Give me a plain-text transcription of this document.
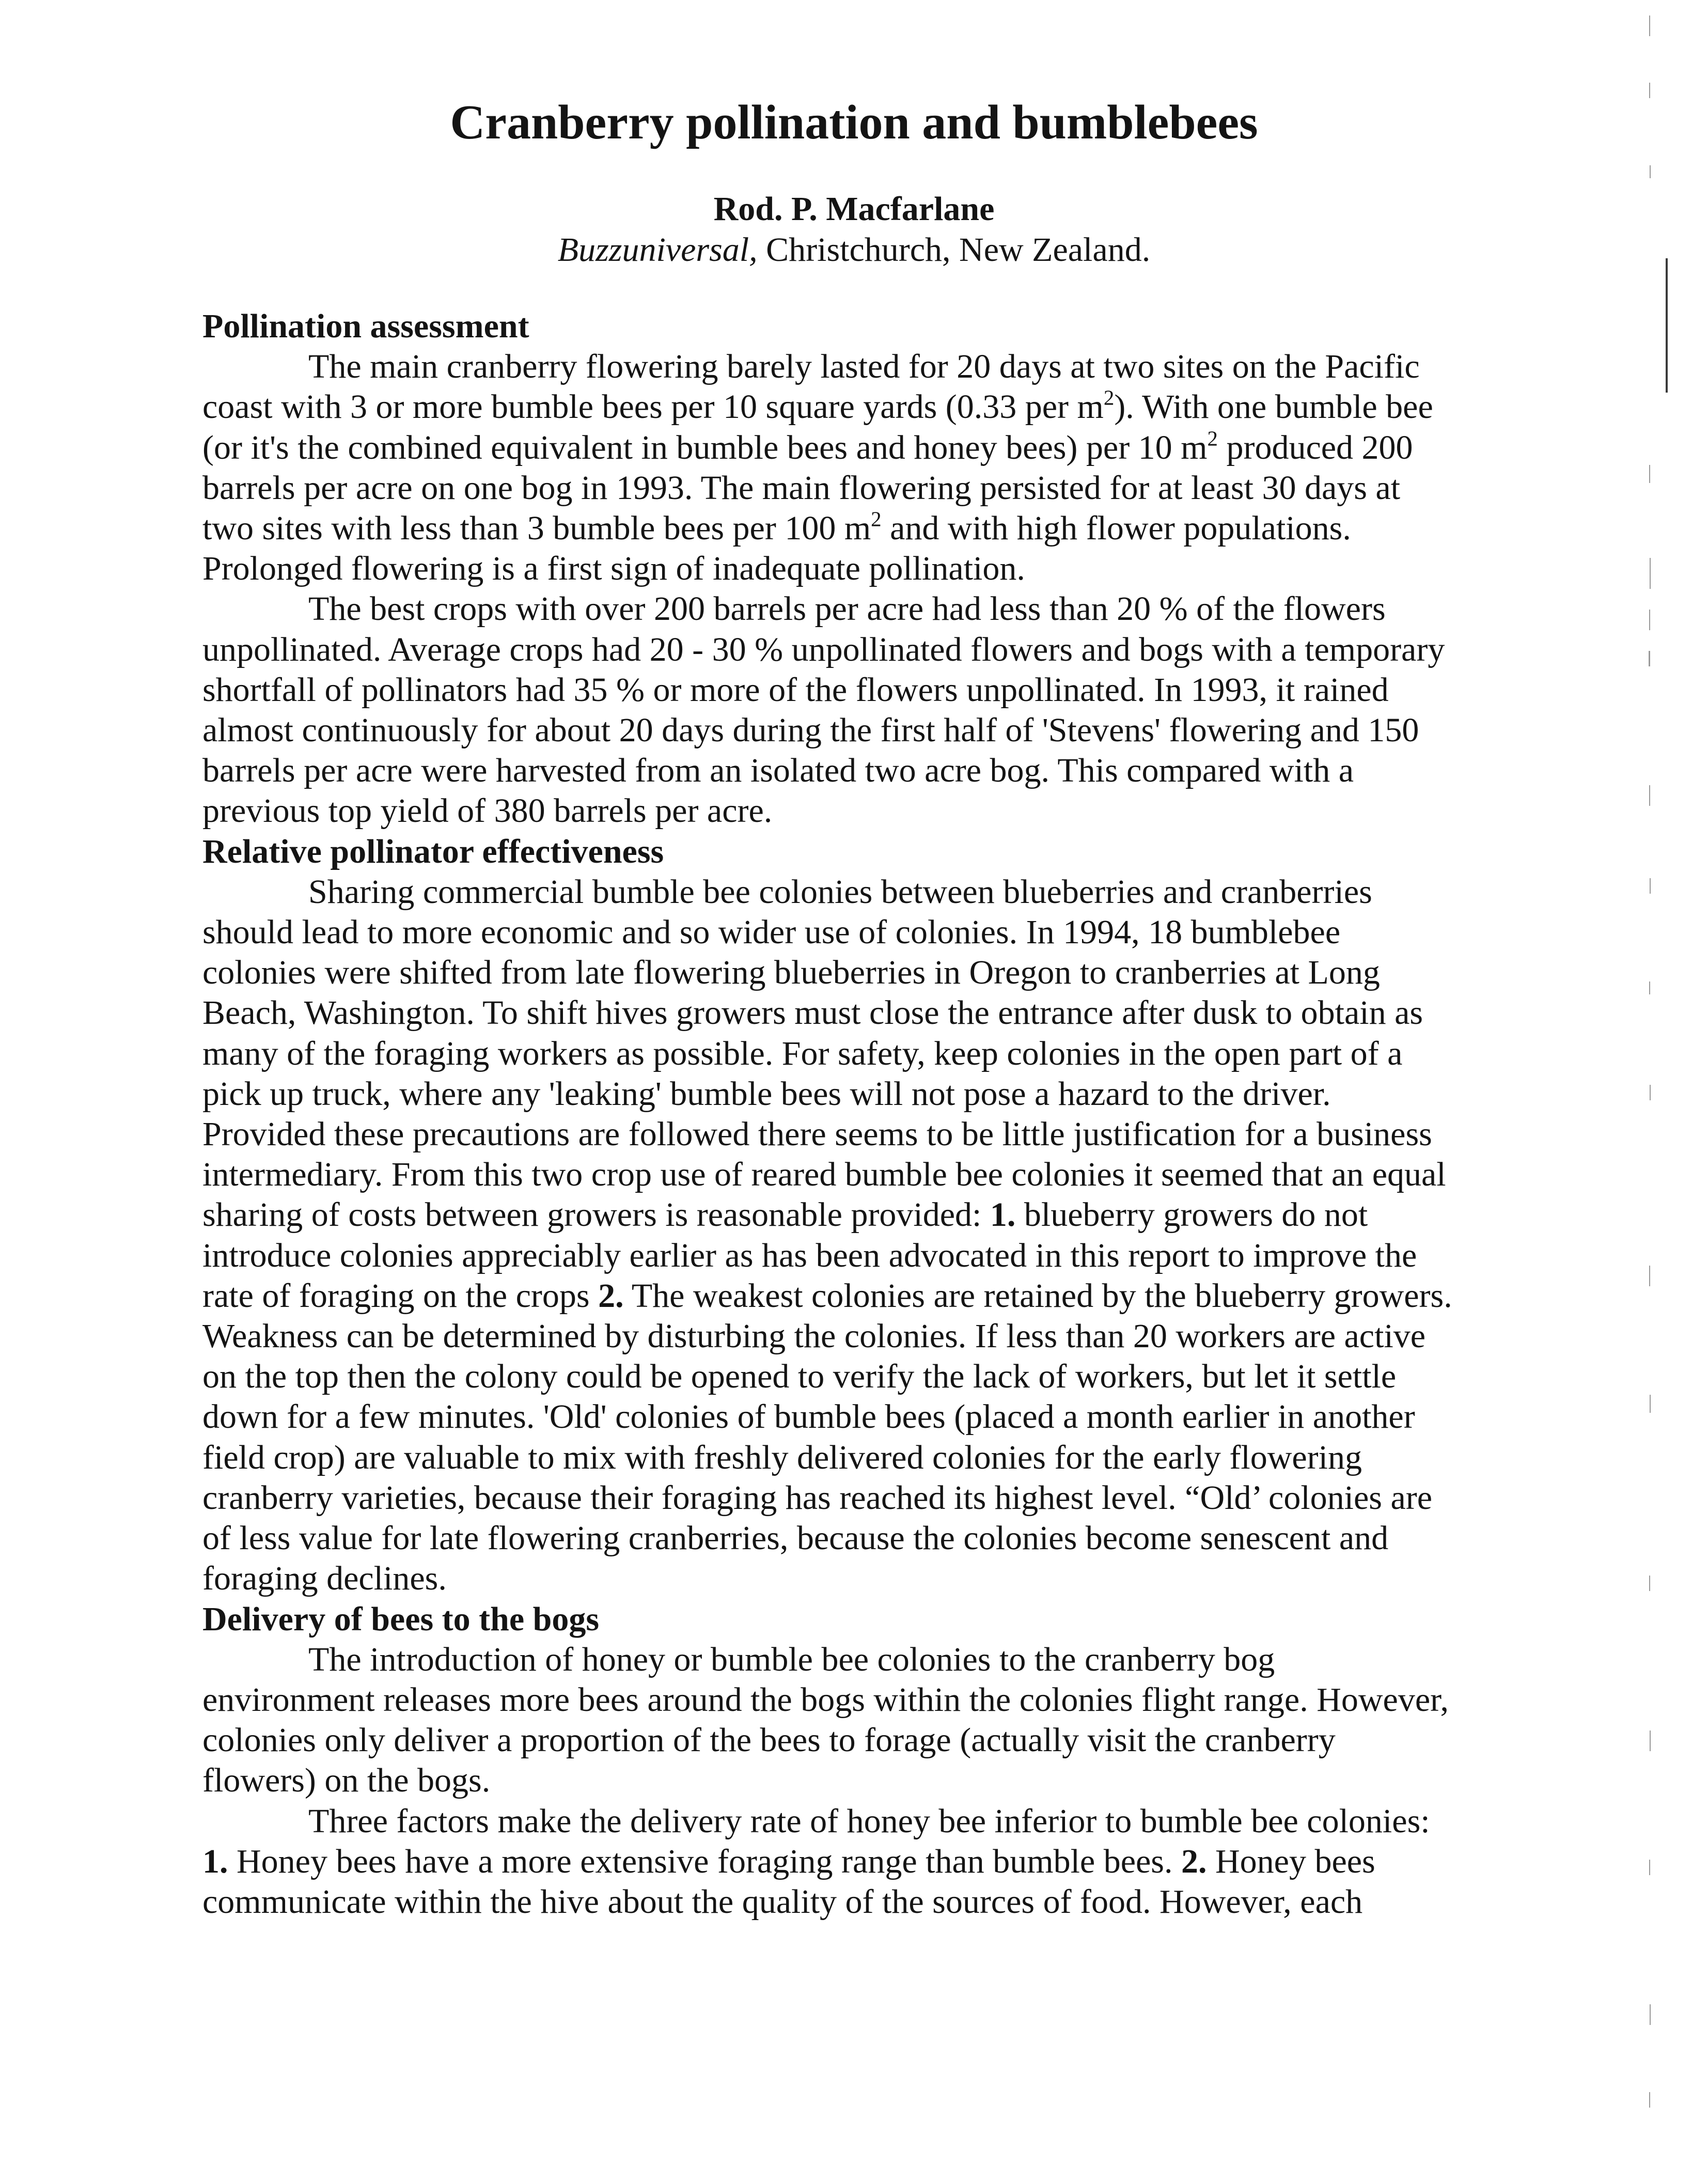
Cranberry pollination and bumblebees
Rod. P. Macfarlane
Buzzuniversal, Christchurch, New Zealand.
Pollination assessment

The main cranberry flowering barely lasted for 20 days at two sites on the Pacific coast with 3 or more bumble bees per 10 square yards (0.33 per $m^2$). With one bumble bee (or it's the combined equivalent in bumble bees and honey bees) per 10 $m^2$ produced 200 barrels per acre on one bog in 1993. The main flowering persisted for at least 30 days at two sites with less than 3 bumble bees per 100 $m^2$ and with high flower populations. Prolonged flowering is a first sign of inadequate pollination.

The best crops with over 200 barrels per acre had less than 20 % of the flowers unpollinated. Average crops had 20 - 30 % unpollinated flowers and bogs with a temporary shortfall of pollinators had 35 % or more of the flowers unpollinated. In 1993, it rained almost continuously for about 20 days during the first half of 'Stevens' flowering and 150 barrels per acre were harvested from an isolated two acre bog. This compared with a previous top yield of 380 barrels per acre.

Relative pollinator effectiveness

Sharing commercial bumble bee colonies between blueberries and cranberries should lead to more economic and so wider use of colonies. In 1994, 18 bumblebee colonies were shifted from late flowering blueberries in Oregon to cranberries at Long Beach, Washington. To shift hives growers must close the entrance after dusk to obtain as many of the foraging workers as possible. For safety, keep colonies in the open part of a pick up truck, where any 'leaking' bumble bees will not pose a hazard to the driver. Provided these precautions are followed there seems to be little justification for a business intermediary. From this two crop use of reared bumble bee colonies it seemed that an equal sharing of costs between growers is reasonable provided: 1. blueberry growers do not introduce colonies appreciably earlier as has been advocated in this report to improve the rate of foraging on the crops 2. The weakest colonies are retained by the blueberry growers. Weakness can be determined by disturbing the colonies. If less than 20 workers are active on the top then the colony could be opened to verify the lack of workers, but let it settle down for a few minutes. 'Old' colonies of bumble bees (placed a month earlier in another field crop) are valuable to mix with freshly delivered colonies for the early flowering cranberry varieties, because their foraging has reached its highest level. “Old’ colonies are of less value for late flowering cranberries, because the colonies become senescent and foraging declines.

Delivery of bees to the bogs

The introduction of honey or bumble bee colonies to the cranberry bog environment releases more bees around the bogs within the colonies flight range. However, colonies only deliver a proportion of the bees to forage (actually visit the cranberry flowers) on the bogs.

Three factors make the delivery rate of honey bee inferior to bumble bee colonies: 1. Honey bees have a more extensive foraging range than bumble bees. 2. Honey bees communicate within the hive about the quality of the sources of food. However, each
